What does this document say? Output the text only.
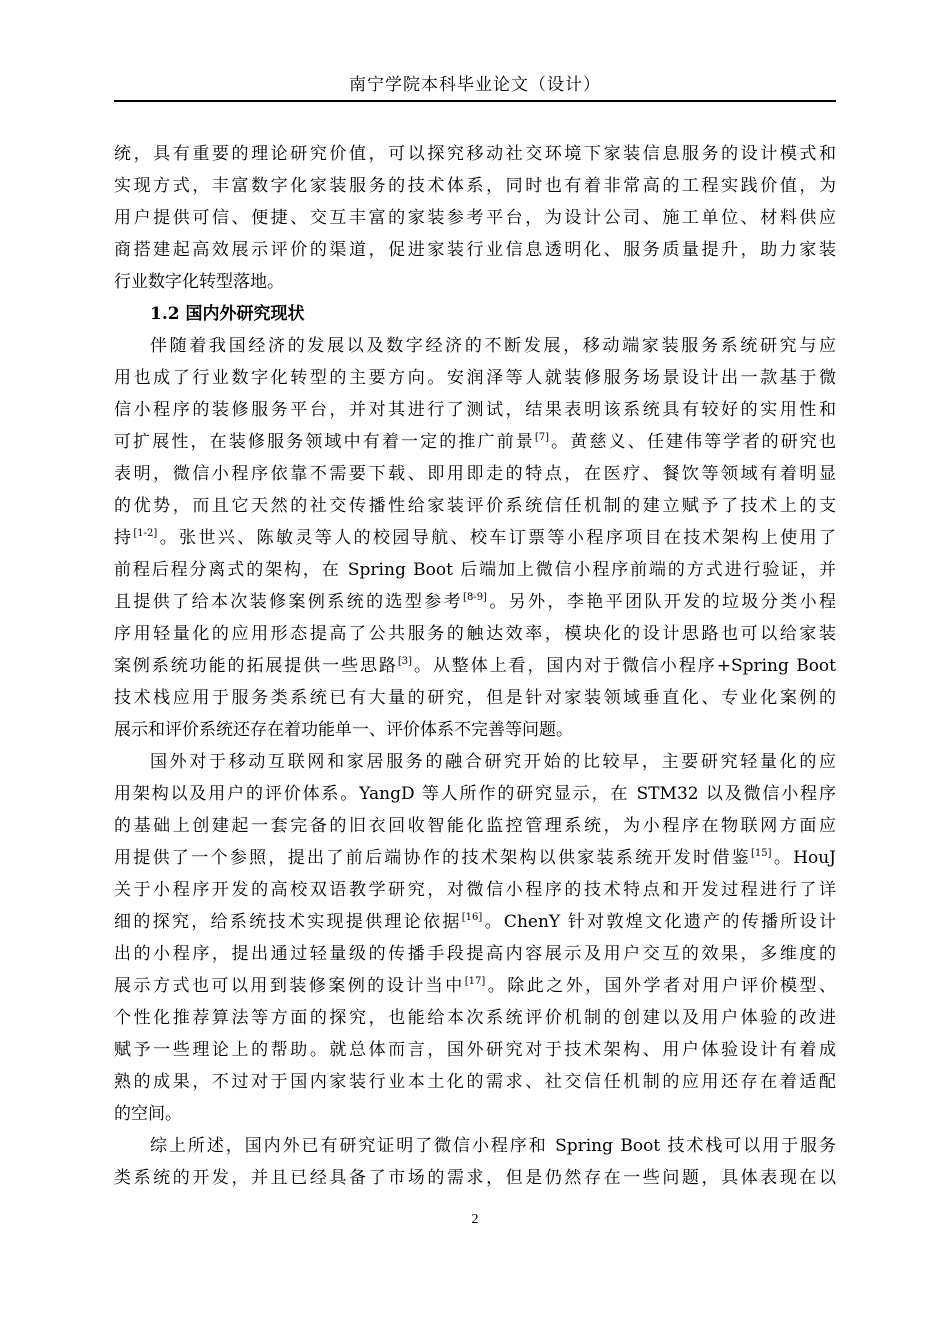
南宁学院本科毕业论文（设计）
统，具有重要的理论研究价值，可以探究移动社交环境下家装信息服务的设计模式和
实现方式，丰富数字化家装服务的技术体系，同时也有着非常高的工程实践价值，为
用户提供可信、便捷、交互丰富的家装参考平台，为设计公司、施工单位、材料供应
商搭建起高效展示评价的渠道，促进家装行业信息透明化、服务质量提升，助力家装
行业数字化转型落地。
1.2 国内外研究现状
伴随着我国经济的发展以及数字经济的不断发展，移动端家装服务系统研究与应
用也成了行业数字化转型的主要方向。安润泽等人就装修服务场景设计出一款基于微
信小程序的装修服务平台，并对其进行了测试，结果表明该系统具有较好的实用性和
可扩展性，在装修服务领域中有着一定的推广前景[7]。黄慈义、任建伟等学者的研究也
表明，微信小程序依靠不需要下载、即用即走的特点，在医疗、餐饮等领域有着明显
的优势，而且它天然的社交传播性给家装评价系统信任机制的建立赋予了技术上的支
持[1-2]。张世兴、陈敏灵等人的校园导航、校车订票等小程序项目在技术架构上使用了
前程后程分离式的架构，在 Spring Boot 后端加上微信小程序前端的方式进行验证，并
且提供了给本次装修案例系统的选型参考[8-9]。另外，李艳平团队开发的垃圾分类小程
序用轻量化的应用形态提高了公共服务的触达效率，模块化的设计思路也可以给家装
案例系统功能的拓展提供一些思路[3]。从整体上看，国内对于微信小程序+Spring Boot
技术栈应用于服务类系统已有大量的研究，但是针对家装领域垂直化、专业化案例的
展示和评价系统还存在着功能单一、评价体系不完善等问题。
国外对于移动互联网和家居服务的融合研究开始的比较早，主要研究轻量化的应
用架构以及用户的评价体系。YangD 等人所作的研究显示，在 STM32 以及微信小程序
的基础上创建起一套完备的旧衣回收智能化监控管理系统，为小程序在物联网方面应
用提供了一个参照，提出了前后端协作的技术架构以供家装系统开发时借鉴[15]。HouJ
关于小程序开发的高校双语教学研究，对微信小程序的技术特点和开发过程进行了详
细的探究，给系统技术实现提供理论依据[16]。ChenY 针对敦煌文化遗产的传播所设计
出的小程序，提出通过轻量级的传播手段提高内容展示及用户交互的效果，多维度的
展示方式也可以用到装修案例的设计当中[17]。除此之外，国外学者对用户评价模型、
个性化推荐算法等方面的探究，也能给本次系统评价机制的创建以及用户体验的改进
赋予一些理论上的帮助。就总体而言，国外研究对于技术架构、用户体验设计有着成
熟的成果，不过对于国内家装行业本土化的需求、社交信任机制的应用还存在着适配
的空间。
综上所述，国内外已有研究证明了微信小程序和 Spring Boot 技术栈可以用于服务
类系统的开发，并且已经具备了市场的需求，但是仍然存在一些问题，具体表现在以
2
